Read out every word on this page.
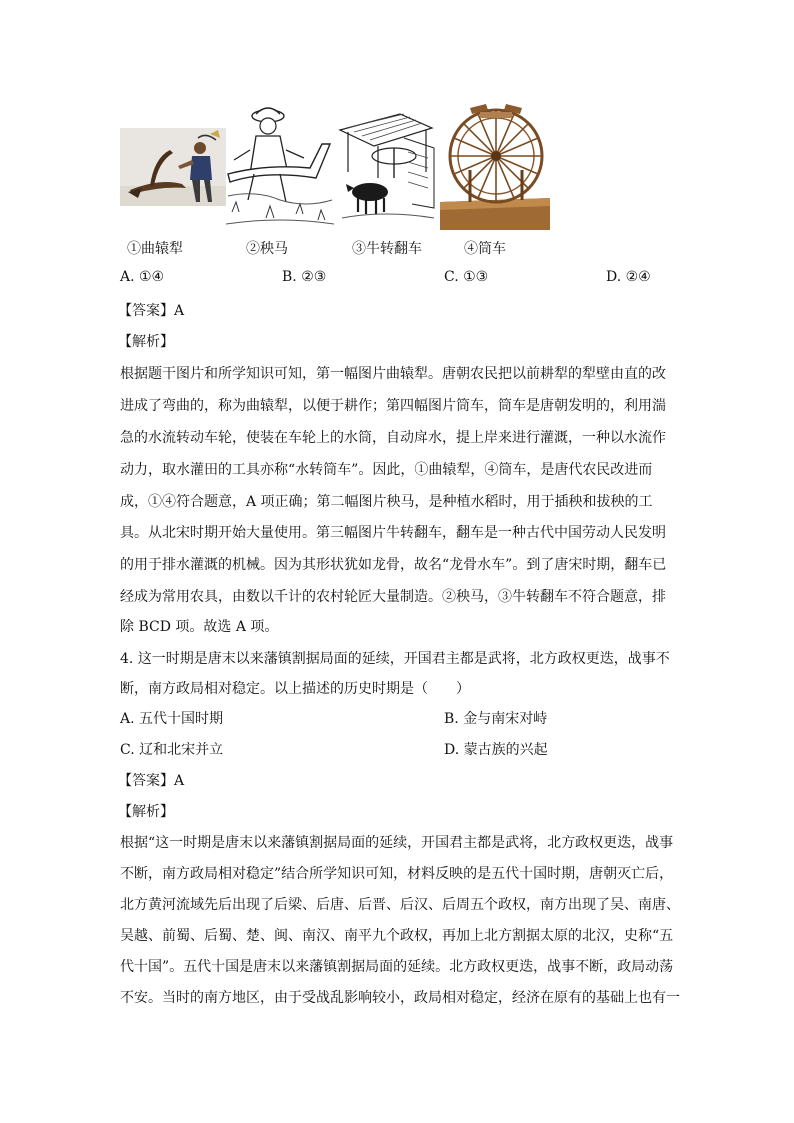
①曲辕犁	②秧马	③牛转翻车	④筒车
A. ①④	B. ②③	C. ①③	D. ②④
【答案】A
【解析】
根据题干图片和所学知识可知，第一幅图片曲辕犁。唐朝农民把以前耕犁的犁壁由直的改
进成了弯曲的，称为曲辕犁，以便于耕作；第四幅图片筒车，筒车是唐朝发明的，利用湍
急的水流转动车轮，使装在车轮上的水筒，自动戽水，提上岸来进行灌溉，一种以水流作
动力，取水灌田的工具亦称“水转筒车”。因此，①曲辕犁，④筒车，是唐代农民改进而
成，①④符合题意，A 项正确；第二幅图片秧马，是种植水稻时，用于插秧和拔秧的工
具。从北宋时期开始大量使用。第三幅图片牛转翻车，翻车是一种古代中国劳动人民发明
的用于排水灌溉的机械。因为其形状犹如龙骨，故名“龙骨水车”。到了唐宋时期，翻车已
经成为常用农具，由数以千计的农村轮匠大量制造。②秧马，③牛转翻车不符合题意，排
除 BCD 项。故选 A 项。
4. 这一时期是唐末以来藩镇割据局面的延续，开国君主都是武将，北方政权更迭，战事不
断，南方政局相对稳定。以上描述的历史时期是（　　）
A. 五代十国时期	B. 金与南宋对峙
C. 辽和北宋并立	D. 蒙古族的兴起
【答案】A
【解析】
根据“这一时期是唐末以来藩镇割据局面的延续，开国君主都是武将，北方政权更迭，战事
不断，南方政局相对稳定”结合所学知识可知，材料反映的是五代十国时期，唐朝灭亡后，
北方黄河流域先后出现了后梁、后唐、后晋、后汉、后周五个政权，南方出现了吴、南唐、
吴越、前蜀、后蜀、楚、闽、南汉、南平九个政权，再加上北方割据太原的北汉，史称“五
代十国”。五代十国是唐末以来藩镇割据局面的延续。北方政权更迭，战事不断，政局动荡
不安。当时的南方地区，由于受战乱影响较小，政局相对稳定，经济在原有的基础上也有一
